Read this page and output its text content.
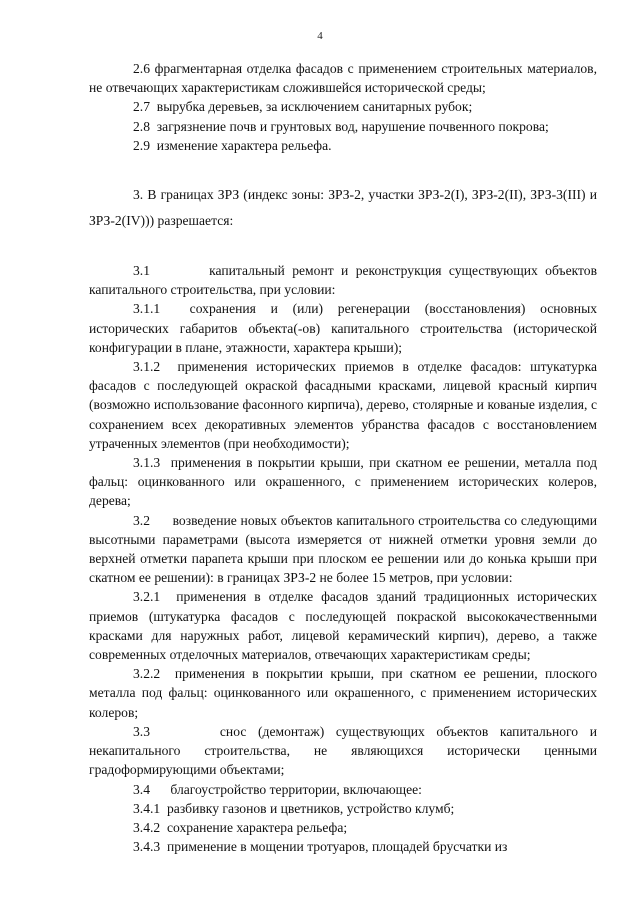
4

2.6 фрагментарная отделка фасадов с применением строительных материалов, не отвечающих характеристикам сложившейся исторической среды;

2.7 вырубка деревьев, за исключением санитарных рубок;

2.8 загрязнение почв и грунтовых вод, нарушение почвенного покрова;

2.9 изменение характера рельефа.

3. В границах ЗРЗ (индекс зоны: ЗРЗ-2, участки ЗРЗ-2(I), ЗРЗ-2(II), ЗРЗ-3(III) и ЗРЗ-2(IV))) разрешается:

3.1	капитальный ремонт и реконструкция существующих объектов капитального строительства, при условии:

3.1.1 сохранения и (или) регенерации (восстановления) основных исторических габаритов объекта(-ов) капитального строительства (исторической конфигурации в плане, этажности, характера крыши);

3.1.2 применения исторических приемов в отделке фасадов: штукатурка фасадов с последующей окраской фасадными красками, лицевой красный кирпич (возможно использование фасонного кирпича), дерево, столярные и кованые изделия, с сохранением всех декоративных элементов убранства фасадов с восстановлением утраченных элементов (при необходимости);

3.1.3 применения в покрытии крыши, при скатном ее решении, металла под фальц: оцинкованного или окрашенного, с применением исторических колеров, дерева;

3.2 возведение новых объектов капитального строительства со следующими высотными параметрами (высота измеряется от нижней отметки уровня земли до верхней отметки парапета крыши при плоском ее решении или до конька крыши при скатном ее решении): в границах ЗРЗ-2 не более 15 метров, при условии:

3.2.1 применения в отделке фасадов зданий традиционных исторических приемов (штукатурка фасадов с последующей покраской высококачественными красками для наружных работ, лицевой керамический кирпич), дерево, а также современных отделочных материалов, отвечающих характеристикам среды;

3.2.2 применения в покрытии крыши, при скатном ее решении, плоского металла под фальц: оцинкованного или окрашенного, с применением исторических колеров;

3.3	снос (демонтаж) существующих объектов капитального и некапитального строительства, не являющихся исторически ценными градоформирующими объектами;

3.4 благоустройство территории, включающее:

3.4.1 разбивку газонов и цветников, устройство клумб;

3.4.2 сохранение характера рельефа;

3.4.3 применение в мощении тротуаров, площадей брусчатки из
